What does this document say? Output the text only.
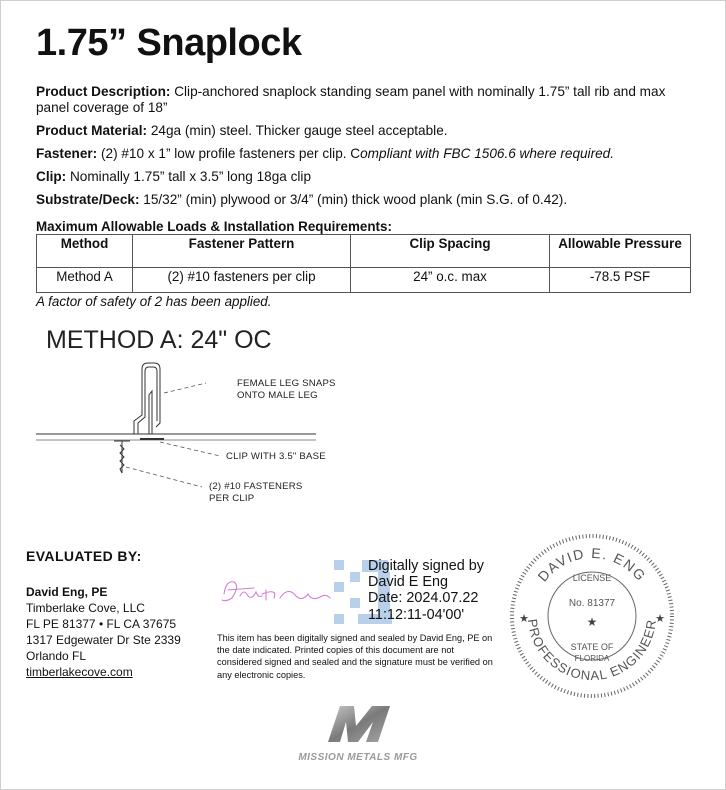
1.75” Snaplock

Product Description: Clip-anchored snaplock standing seam panel with nominally 1.75” tall rib and max panel coverage of 18”

Product Material: 24ga (min) steel. Thicker gauge steel acceptable.

Fastener: (2) #10 x 1” low profile fasteners per clip. Compliant with FBC 1506.6 where required.

Clip: Nominally 1.75” tall x 3.5” long 18ga clip

Substrate/Deck: 15/32” (min) plywood or 3/4” (min) thick wood plank (min S.G. of 0.42).

Maximum Allowable Loads & Installation Requirements:
Method	Fastener Pattern	Clip Spacing	Allowable Pressure
Method A	(2) #10 fasteners per clip	24” o.c. max	-78.5 PSF
A factor of safety of 2 has been applied.
METHOD A: 24" OC
FEMALE LEG SNAPS
ONTO MALE LEG
CLIP WITH 3.5" BASE
(2) #10 FASTENERS
PER CLIP
EVALUATED BY:
David Eng, PE
Timberlake Cove, LLC
FL PE 81377 • FL CA 37675
1317 Edgewater Dr Ste 2339
Orlando FL
timberlakecove.com
Digitally signed by
David E Eng
Date: 2024.07.22
11:12:11-04'00'
This item has been digitally signed and sealed by David Eng, PE on the date indicated. Printed copies of this document are not considered signed and sealed and the signature must be verified on any electronic copies.
DAVID E. ENG
PROFESSIONAL ENGINEER
LICENSE
No. 81377
★
★	★
STATE OF
FLORIDA
MISSION METALS MFG
